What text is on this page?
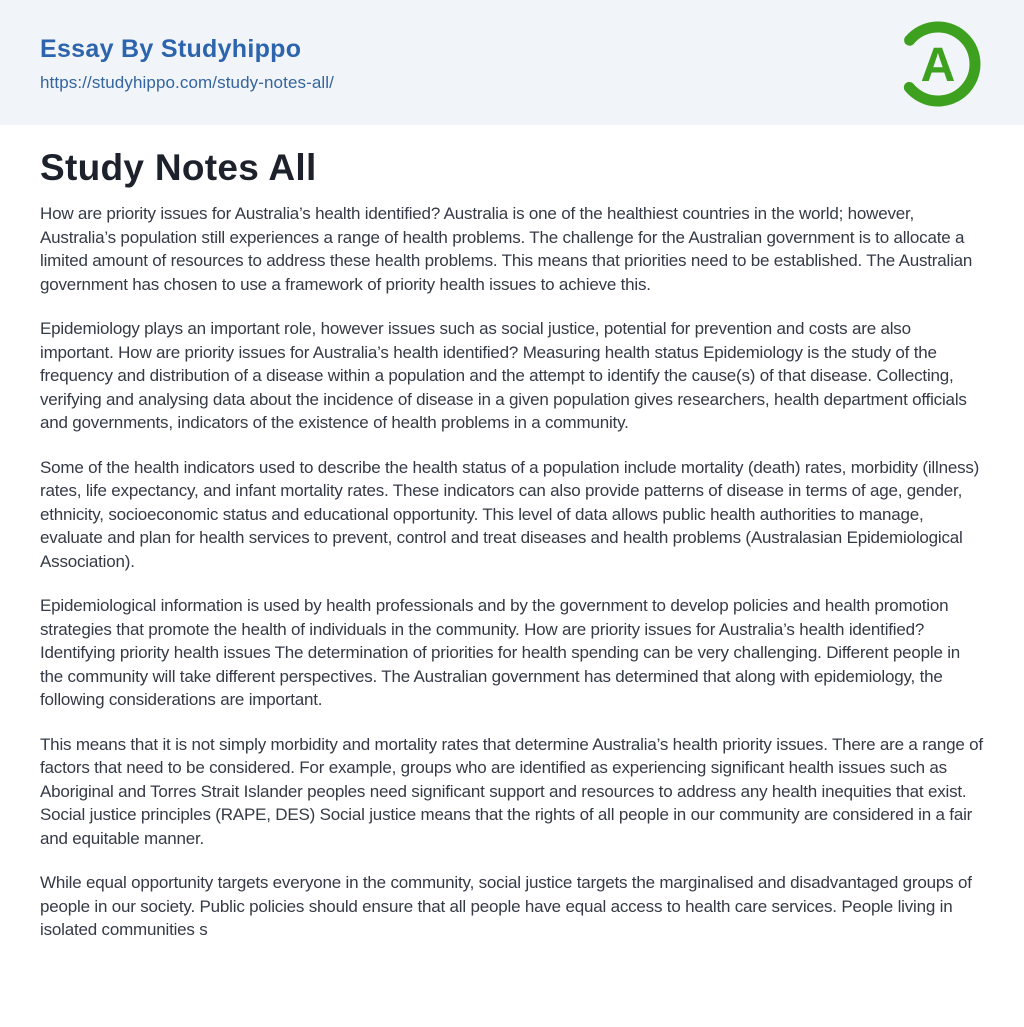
Essay By Studyhippo
https://studyhippo.com/study-notes-all/	A
Study Notes All

How are priority issues for Australia’s health identified? Australia is one of the healthiest countries in the world; however, Australia’s population still experiences a range of health problems. The challenge for the Australian government is to allocate a limited amount of resources to address these health problems. This means that priorities need to be established. The Australian government has chosen to use a framework of priority health issues to achieve this.

Epidemiology plays an important role, however issues such as social justice, potential for prevention and costs are also important. How are priority issues for Australia’s health identified? Measuring health status Epidemiology is the study of the frequency and distribution of a disease within a population and the attempt to identify the cause(s) of that disease. Collecting, verifying and analysing data about the incidence of disease in a given population gives researchers, health department officials and governments, indicators of the existence of health problems in a community.

Some of the health indicators used to describe the health status of a population include mortality (death) rates, morbidity (illness) rates, life expectancy, and infant mortality rates. These indicators can also provide patterns of disease in terms of age, gender, ethnicity, socioeconomic status and educational opportunity. This level of data allows public health authorities to manage, evaluate and plan for health services to prevent, control and treat diseases and health problems (Australasian Epidemiological Association).

Epidemiological information is used by health professionals and by the government to develop policies and health promotion strategies that promote the health of individuals in the community. How are priority issues for Australia’s health identified? Identifying priority health issues The determination of priorities for health spending can be very challenging. Different people in the community will take different perspectives. The Australian government has determined that along with epidemiology, the following considerations are important.

This means that it is not simply morbidity and mortality rates that determine Australia’s health priority issues. There are a range of factors that need to be considered. For example, groups who are identified as experiencing significant health issues such as Aboriginal and Torres Strait Islander peoples need significant support and resources to address any health inequities that exist. Social justice principles (RAPE, DES) Social justice means that the rights of all people in our community are considered in a fair and equitable manner.

While equal opportunity targets everyone in the community, social justice targets the marginalised and disadvantaged groups of people in our society. Public policies should ensure that all people have equal access to health care services. People living in isolated communities s
